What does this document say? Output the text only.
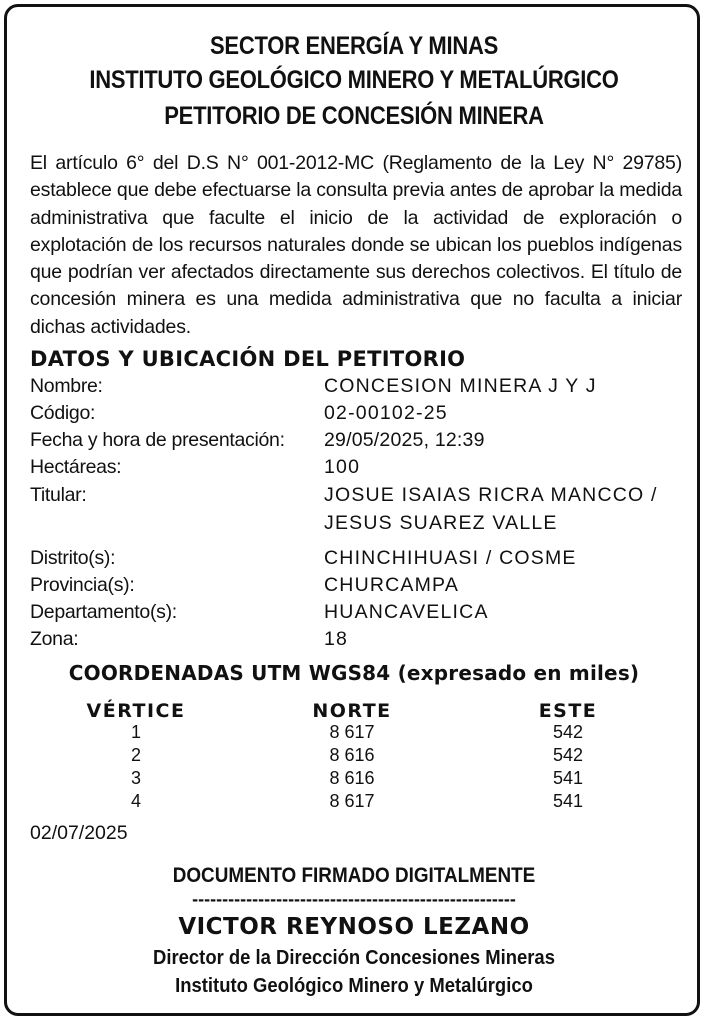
SECTOR ENERGÍA Y MINAS
INSTITUTO GEOLÓGICO MINERO Y METALÚRGICO
PETITORIO DE CONCESIÓN MINERA
El artículo 6° del D.S N° 001-2012-MC (Reglamento de la Ley N° 29785) establece que debe efectuarse la consulta previa antes de aprobar la medida administrativa que faculte el inicio de la actividad de exploración o explotación de los recursos naturales donde se ubican los pueblos indígenas que podrían ver afectados directamente sus derechos colectivos. El título de concesión minera es una medida administrativa que no faculta a iniciar dichas actividades.
DATOS Y UBICACIÓN DEL PETITORIO
Nombre:	CONCESION MINERA J Y J
Código:	02-00102-25
Fecha y hora de presentación: 29/05/2025, 12:39
Hectáreas:	100
Titular:	JOSUE ISAIAS RICRA MANCCO /
JESUS SUAREZ VALLE
Distrito(s):	CHINCHIHUASI / COSME
Provincia(s):	CHURCAMPA
Departamento(s):	HUANCAVELICA
Zona:	18
COORDENADAS UTM WGS84 (expresado en miles)
VÉRTICE	NORTE	ESTE
1	8 617	542
2	8 616	542
3	8 616	541
4	8 617	541
02/07/2025
DOCUMENTO FIRMADO DIGITALMENTE
------------------------------------------------------
VICTOR REYNOSO LEZANO
Director de la Dirección Concesiones Mineras
Instituto Geológico Minero y Metalúrgico
